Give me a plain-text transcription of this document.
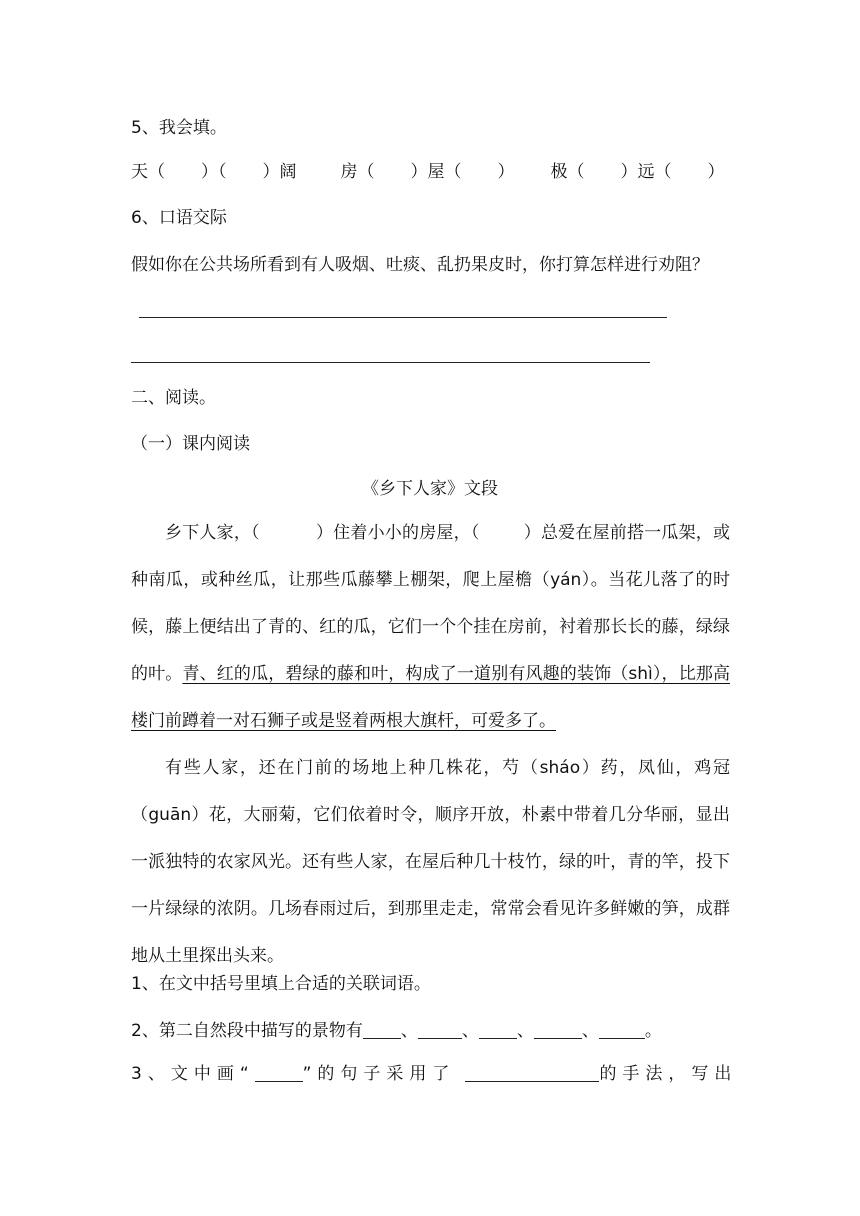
5、我会填。
天（ ）（ ）阔	房（ ）屋（ ） 极（ ）远（ ）
6、口语交际
假如你在公共场所看到有人吸烟、吐痰、乱扔果皮时，你打算怎样进行劝阻？
二、阅读。
（一）课内阅读
《乡下人家》文段

乡下人家，（	）住着小小的房屋，（	）总爱在屋前搭一瓜架，或种南瓜，或种丝瓜，让那些瓜藤攀上棚架，爬上屋檐（yán）。当花儿落了的时候，藤上便结出了青的、红的瓜，它们一个个挂在房前，衬着那长长的藤，绿绿的叶。青、红的瓜，碧绿的藤和叶，构成了一道别有风趣的装饰（shì），比那高楼门前蹲着一对石狮子或是竖着两根大旗杆，可爱多了。

有些人家，还在门前的场地上种几株花，芍（sháo）药，凤仙，鸡冠（guān）花，大丽菊，它们依着时令，顺序开放，朴素中带着几分华丽，显出一派独特的农家风光。还有些人家，在屋后种几十枝竹，绿的叶，青的竿，投下一片绿绿的浓阴。几场春雨过后，到那里走走，常常会看见许多鲜嫩的笋，成群地从土里探出头来。

1、在文中括号里填上合适的关联词语。
2、第二自然段中描写的景物有 、	、 、	、	。
3、文中画“	”的句子采用了	的手法，写出
